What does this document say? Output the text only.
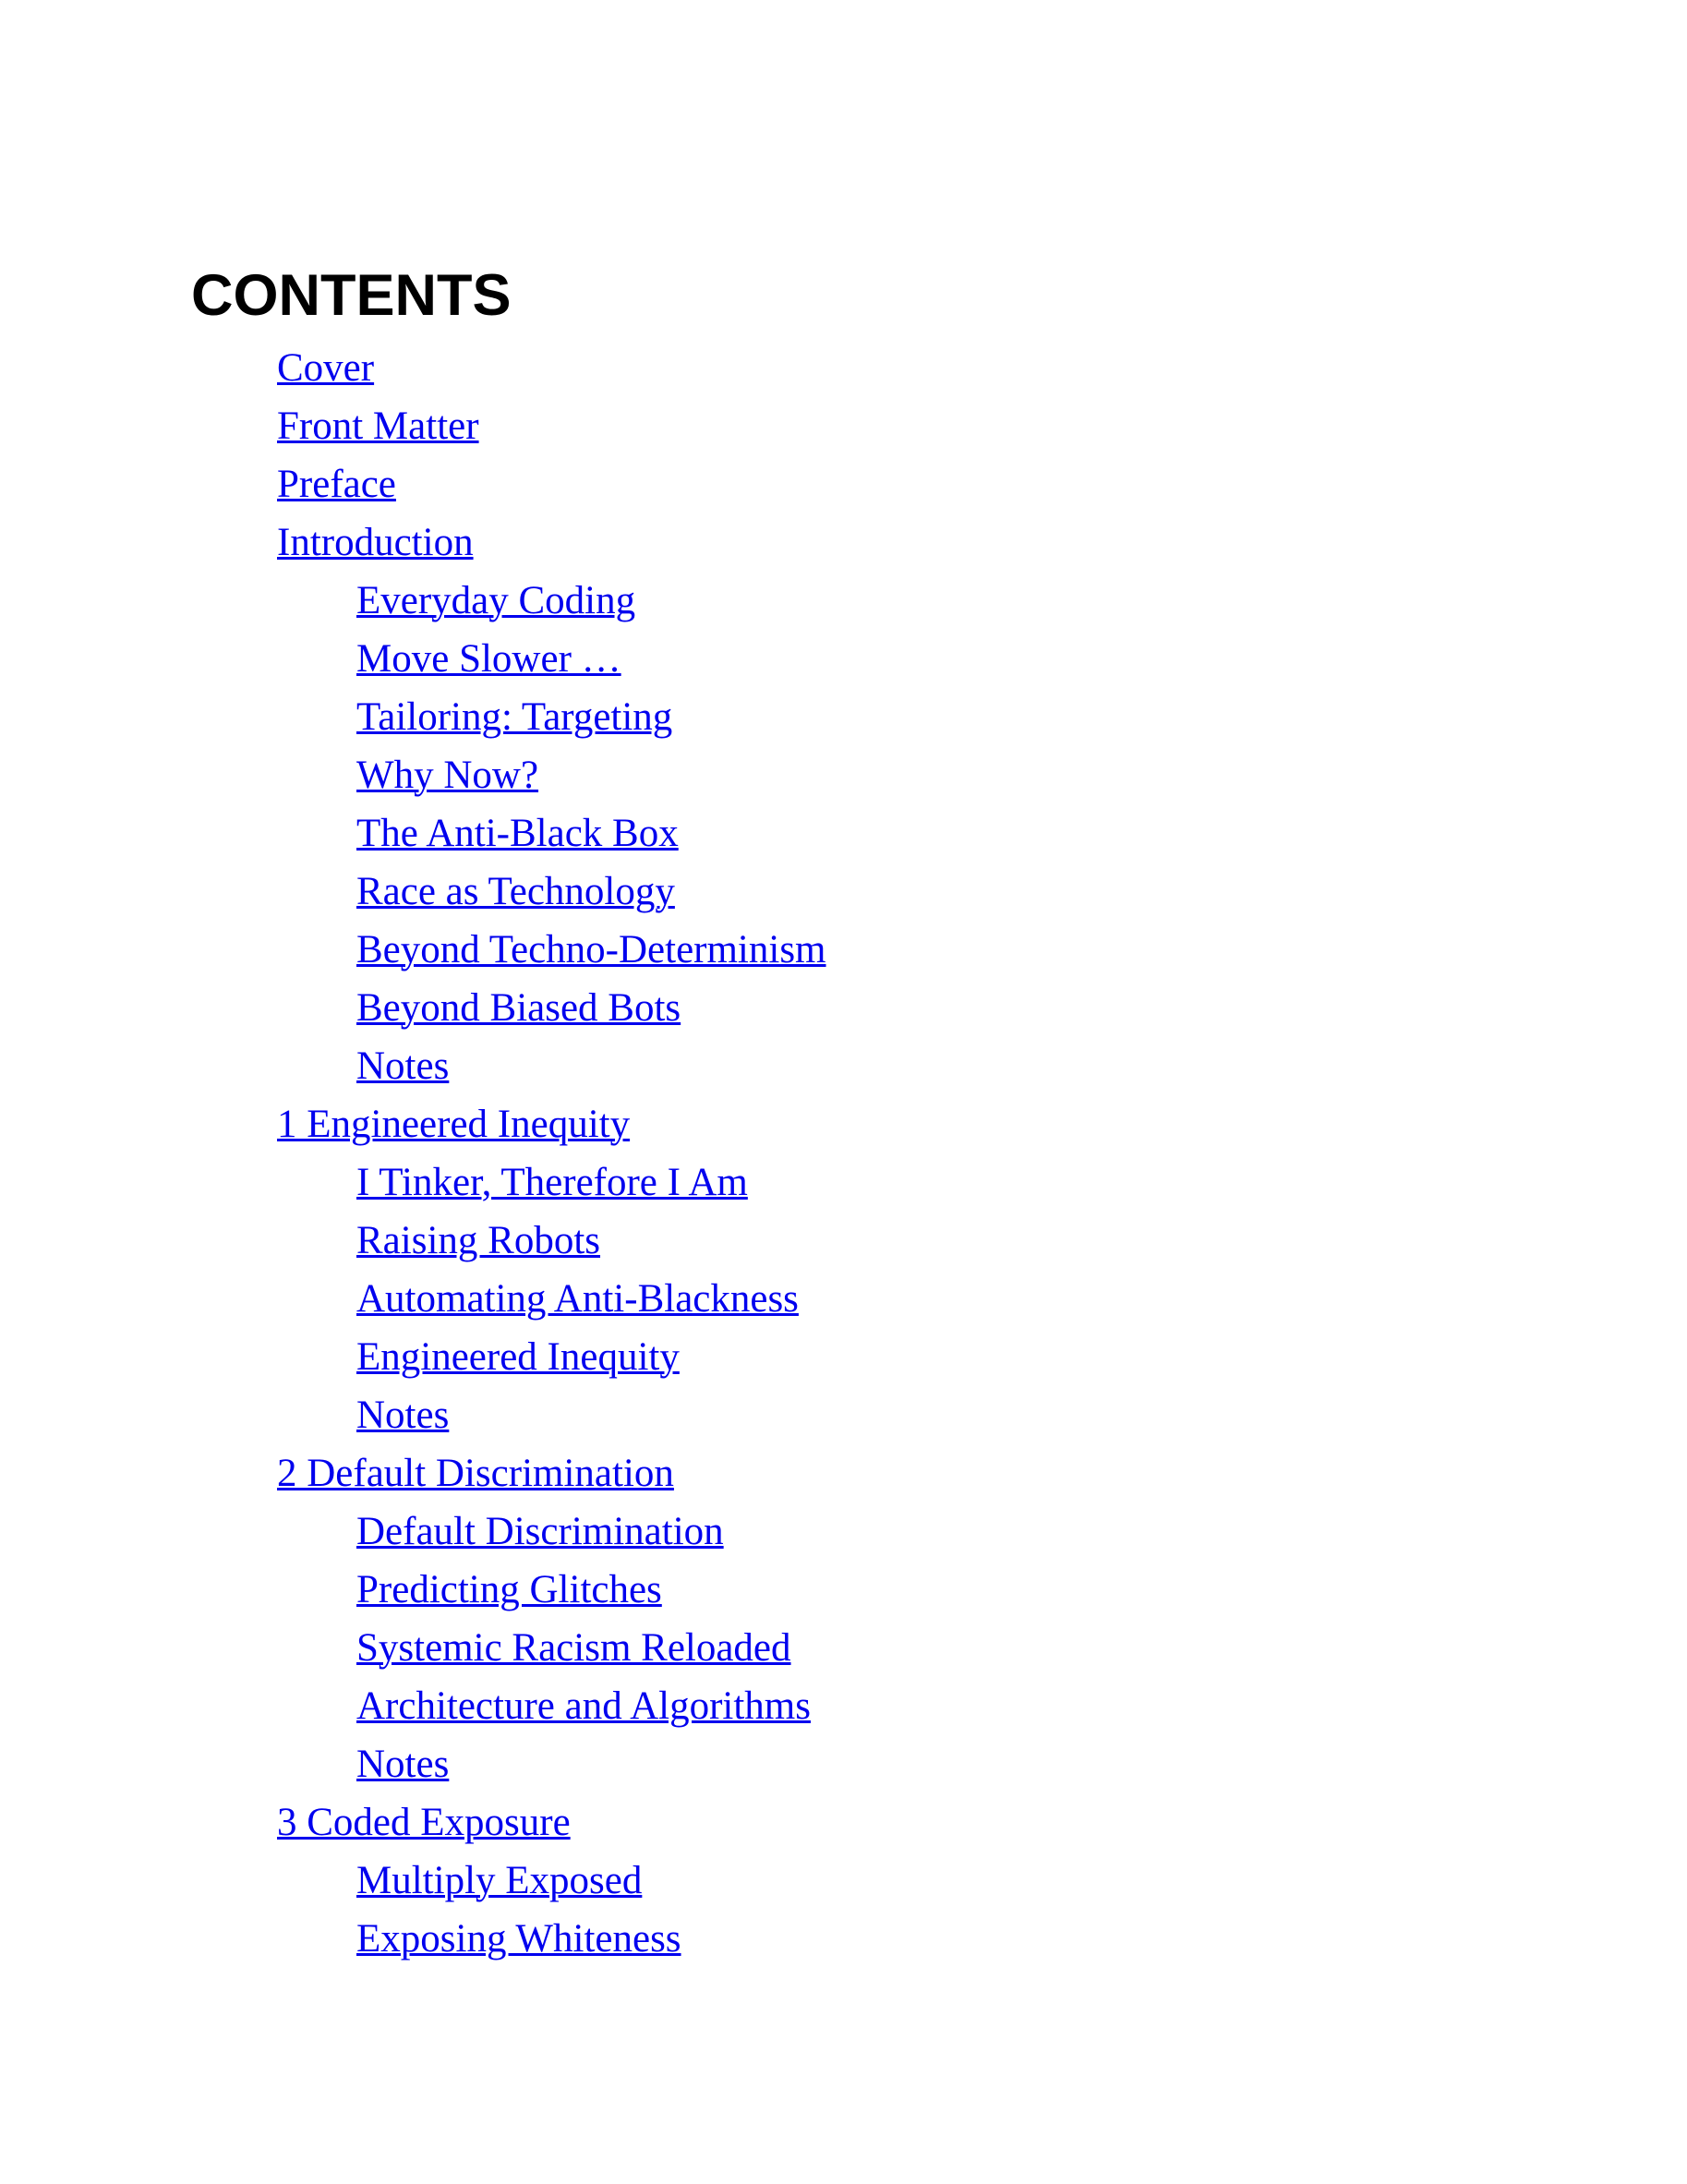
CONTENTS
Cover
Front Matter
Preface
Introduction
Everyday Coding
Move Slower …
Tailoring: Targeting
Why Now?
The Anti-Black Box
Race as Technology
Beyond Techno-Determinism
Beyond Biased Bots
Notes
1 Engineered Inequity
I Tinker, Therefore I Am
Raising Robots
Automating Anti-Blackness
Engineered Inequity
Notes
2 Default Discrimination
Default Discrimination
Predicting Glitches
Systemic Racism Reloaded
Architecture and Algorithms
Notes
3 Coded Exposure
Multiply Exposed
Exposing Whiteness
